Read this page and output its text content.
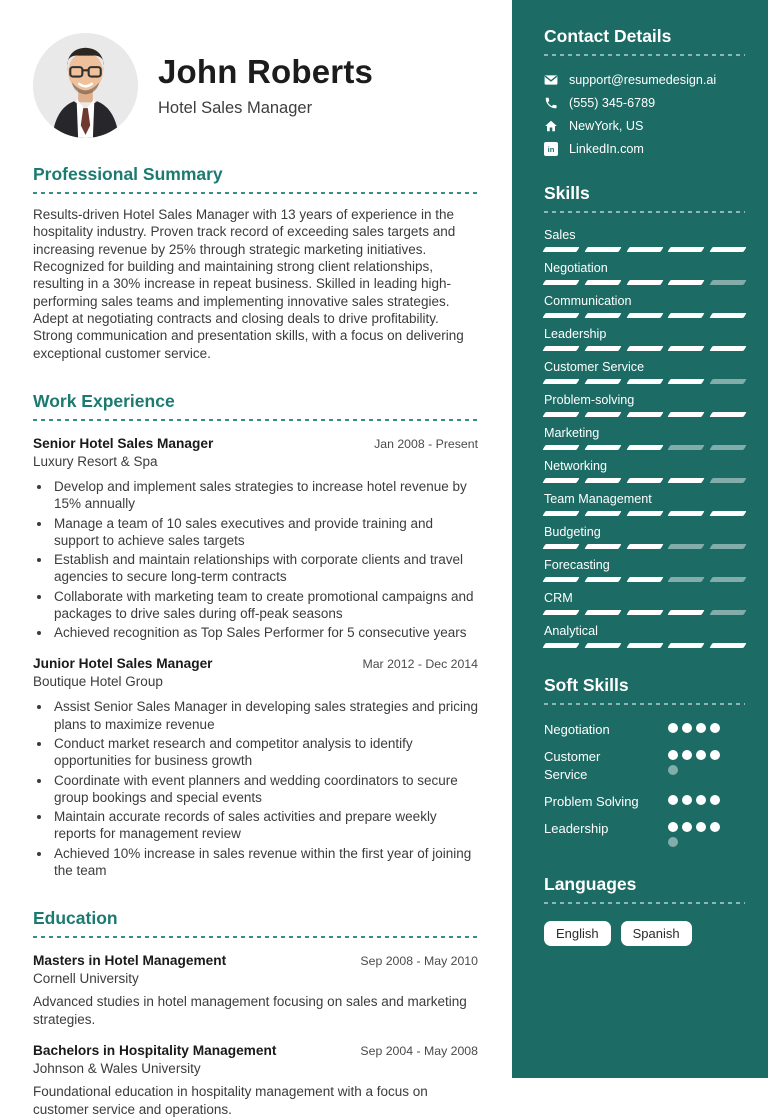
John Roberts
Hotel Sales Manager
Professional Summary

Results-driven Hotel Sales Manager with 13 years of experience in the hospitality industry. Proven track record of exceeding sales targets and increasing revenue by 25% through strategic marketing initiatives. Recognized for building and maintaining strong client relationships, resulting in a 30% increase in repeat business. Skilled in leading high-performing sales teams and implementing innovative sales strategies. Adept at negotiating contracts and closing deals to drive profitability. Strong communication and presentation skills, with a focus on delivering exceptional customer service.

Work Experience
Senior Hotel Sales Manager	Jan 2008 - Present
Luxury Resort & Spa
• Develop and implement sales strategies to increase hotel revenue by 15% annually
• Manage a team of 10 sales executives and provide training and support to achieve sales targets
• Establish and maintain relationships with corporate clients and travel agencies to secure long-term contracts
• Collaborate with marketing team to create promotional campaigns and packages to drive sales during off-peak seasons
• Achieved recognition as Top Sales Performer for 5 consecutive years
Junior Hotel Sales Manager	Mar 2012 - Dec 2014
Boutique Hotel Group
• Assist Senior Sales Manager in developing sales strategies and pricing plans to maximize revenue
• Conduct market research and competitor analysis to identify opportunities for business growth
• Coordinate with event planners and wedding coordinators to secure group bookings and special events
• Maintain accurate records of sales activities and prepare weekly reports for management review
• Achieved 10% increase in sales revenue within the first year of joining the team
Education
Masters in Hotel Management	Sep 2008 - May 2010
Cornell University

Advanced studies in hotel management focusing on sales and marketing strategies.

Bachelors in Hospitality Management	Sep 2004 - May 2008
Johnson & Wales University

Foundational education in hospitality management with a focus on customer service and operations.

Contact Details
support@resumedesign.ai
(555) 345-6789
NewYork, US
in LinkedIn.com
Skills
Sales
Negotiation
Communication
Leadership
Customer Service
Problem-solving
Marketing
Networking
Team Management
Budgeting
Forecasting
CRM
Analytical
Soft Skills
Negotiation
Customer Service
Problem Solving
Leadership
Languages
English	Spanish
